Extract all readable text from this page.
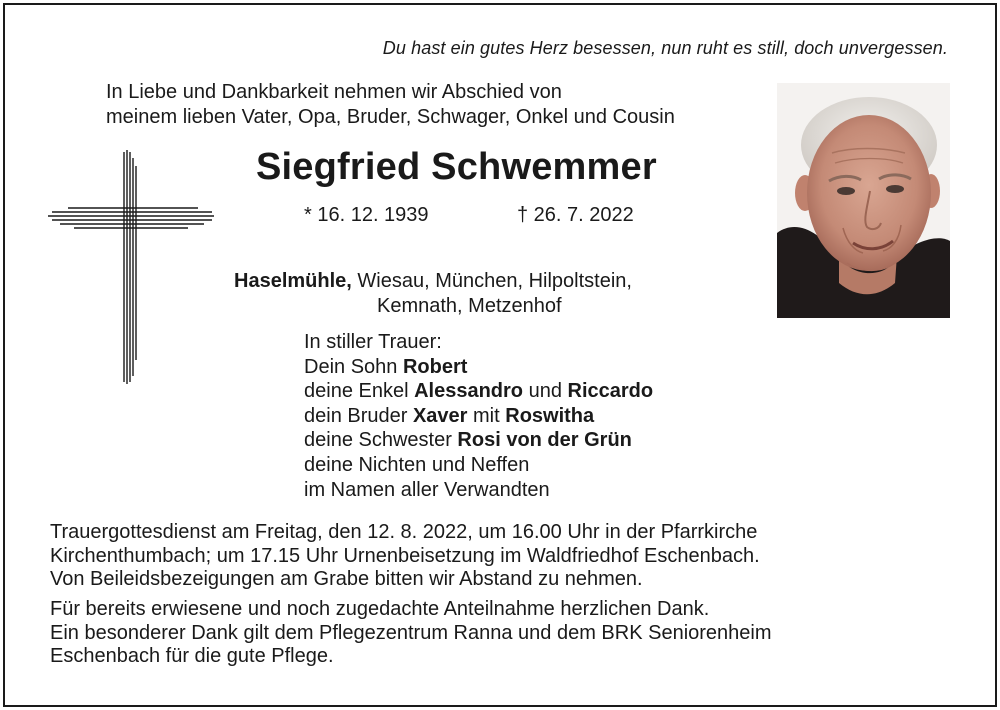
Du hast ein gutes Herz besessen, nun ruht es still, doch unvergessen.
In Liebe und Dankbarkeit nehmen wir Abschied von
meinem lieben Vater, Opa, Bruder, Schwager, Onkel und Cousin
Siegfried Schwemmer
* 16. 12. 1939	† 26. 7. 2022
Haselmühle, Wiesau, München, Hilpoltstein,
Kemnath, Metzenhof
In stiller Trauer:
Dein Sohn Robert
deine Enkel Alessandro und Riccardo
dein Bruder Xaver mit Roswitha
deine Schwester Rosi von der Grün
deine Nichten und Neffen
im Namen aller Verwandten
Trauergottesdienst am Freitag, den 12. 8. 2022, um 16.00 Uhr in der Pfarrkirche
Kirchenthumbach; um 17.15 Uhr Urnenbeisetzung im Waldfriedhof Eschenbach.
Von Beileidsbezeigungen am Grabe bitten wir Abstand zu nehmen.
Für bereits erwiesene und noch zugedachte Anteilnahme herzlichen Dank.
Ein besonderer Dank gilt dem Pflegezentrum Ranna und dem BRK Seniorenheim
Eschenbach für die gute Pflege.
